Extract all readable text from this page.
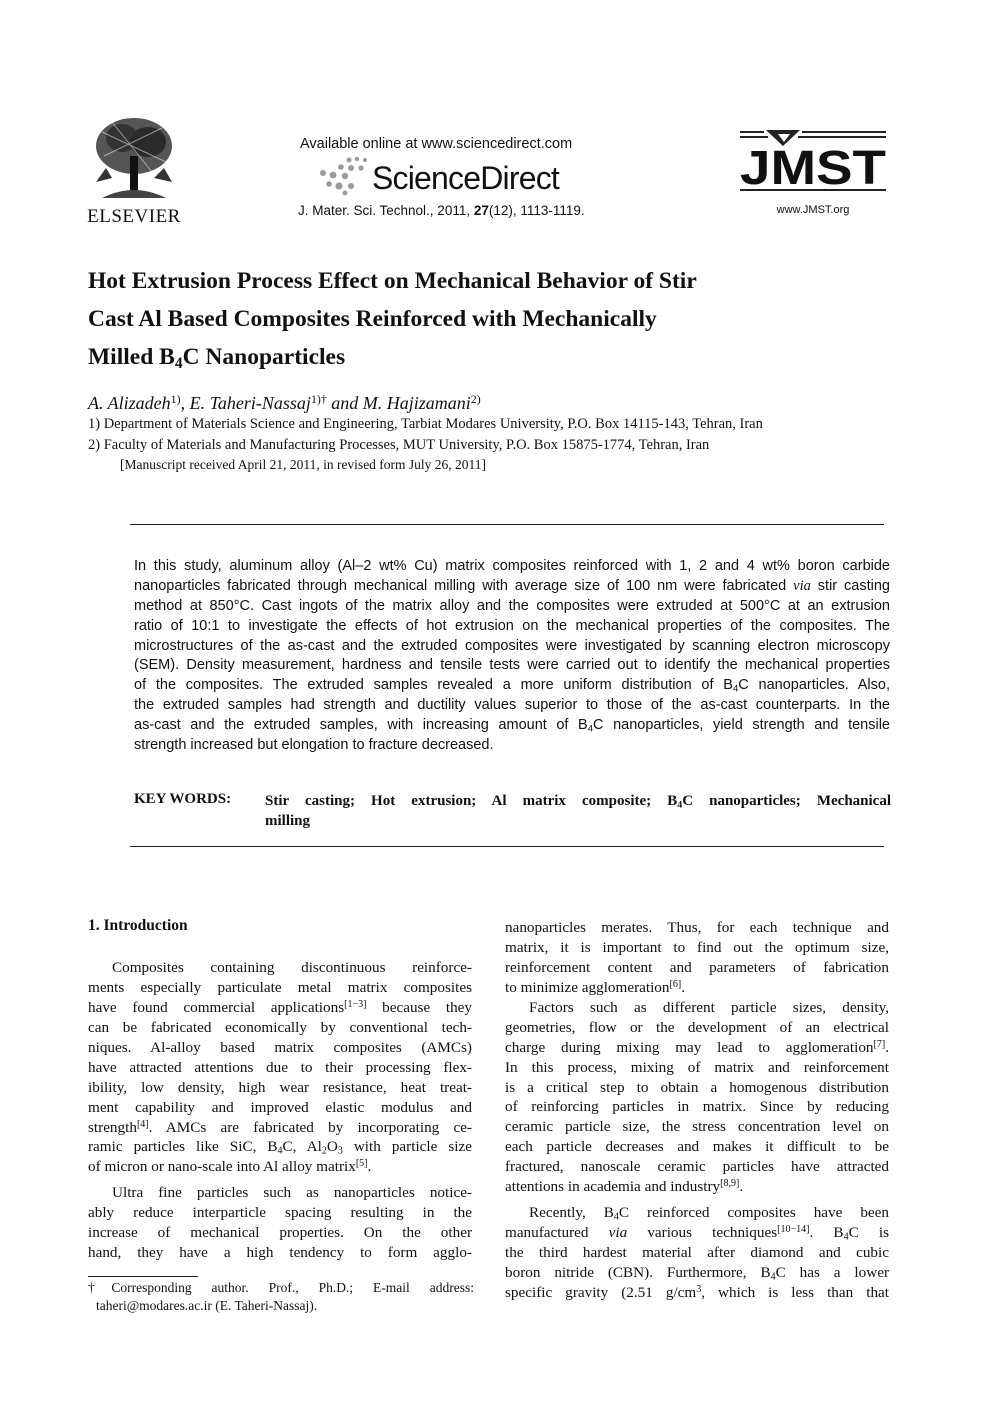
ELSEVIER
Available online at www.sciencedirect.com
ScienceDirect
J. Mater. Sci. Technol., 2011, 27(12), 1113-1119.
JMST
www.JMST.org
Hot Extrusion Process Effect on Mechanical Behavior of Stir
Cast Al Based Composites Reinforced with Mechanically
Milled $B_4C$ Nanoparticles
A. Alizadeh$^{1)}$, E. Taheri-Nassaj$^{1)\dagger}$ and M. Hajizamani$^{2)}$
1) Department of Materials Science and Engineering, Tarbiat Modares University, P.O. Box 14115-143, Tehran, Iran
2) Faculty of Materials and Manufacturing Processes, MUT University, P.O. Box 15875-1774, Tehran, Iran
[Manuscript received April 21, 2011, in revised form July 26, 2011]
In this study, aluminum alloy (Al–2 wt% Cu) matrix composites reinforced with 1, 2 and 4 wt% boron carbide
nanoparticles fabricated through mechanical milling with average size of 100 nm were fabricated via stir casting
method at 850°C. Cast ingots of the matrix alloy and the composites were extruded at 500°C at an extrusion
ratio of 10:1 to investigate the effects of hot extrusion on the mechanical properties of the composites. The
microstructures of the as-cast and the extruded composites were investigated by scanning electron microscopy
(SEM). Density measurement, hardness and tensile tests were carried out to identify the mechanical properties
of the composites. The extruded samples revealed a more uniform distribution of $B_4C$ nanoparticles. Also,
the extruded samples had strength and ductility values superior to those of the as-cast counterparts. In the
as-cast and the extruded samples, with increasing amount of $B_4C$ nanoparticles, yield strength and tensile
strength increased but elongation to fracture decreased.
KEY WORDS: Stir casting; Hot extrusion; Al matrix composite; $B_4C$ nanoparticles; Mechanical
milling
1. Introduction
Composites containing discontinuous reinforce-
ments especially particulate metal matrix composites
have found commercial applications[1−3] because they
can be fabricated economically by conventional tech-
niques. Al-alloy based matrix composites (AMCs)
have attracted attentions due to their processing flex-
ibility, low density, high wear resistance, heat treat-
ment capability and improved elastic modulus and
strength[4]. AMCs are fabricated by incorporating ce-
ramic particles like SiC, $B_4C$, $Al_2O_3$ with particle size
of micron or nano-scale into Al alloy matrix[5].
Ultra fine particles such as nanoparticles notice-
ably reduce interparticle spacing resulting in the
increase of mechanical properties. On the other
hand, they have a high tendency to form agglo-
†Corresponding author. Prof., Ph.D.; E-mail address:
taheri@modares.ac.ir (E. Taheri-Nassaj).
nanoparticles merates. Thus, for each technique and
matrix, it is important to find out the optimum size,
reinforcement content and parameters of fabrication
to minimize agglomeration[6].
Factors such as different particle sizes, density,
geometries, flow or the development of an electrical
charge during mixing may lead to agglomeration[7].
In this process, mixing of matrix and reinforcement
is a critical step to obtain a homogenous distribution
of reinforcing particles in matrix. Since by reducing
ceramic particle size, the stress concentration level on
each particle decreases and makes it difficult to be
fractured, nanoscale ceramic particles have attracted
attentions in academia and industry[8,9].
Recently, $B_4C$ reinforced composites have been
manufactured via various techniques[10−14]. $B_4C$ is
the third hardest material after diamond and cubic
boron nitride (CBN). Furthermore, $B_4C$ has a lower
specific gravity (2.51 $g/cm^3$, which is less than that
